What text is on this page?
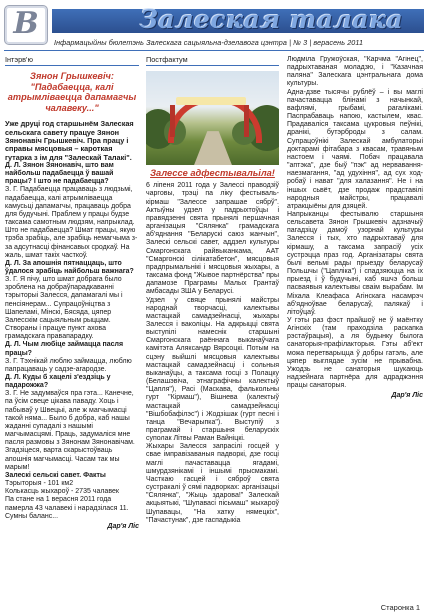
В	Залеская талака
Інфармацыйны бюлетэнь Залескага сацыяльна-дзелавога цэнтра | № 3 | верасень 2011
Інтэрв'ю
Зянон Грышкевіч: "Падабаецца, калі атрымліваецца дапамагчы чалавеку..."

Уже друці год старшынём Залеская сельскага савету працуе Зянон Зянонавіч Грышкевіч. Пра працу і справы мясцовыя – кароткая гутарка з ім для "Залескай Талакі".

Д. Л. Зянон Зянонавіч, што вам найбольш падабаецца ў вашай працы? І што не падабаецца?

З. Г. Падабаецца працаваць з людзьмі, падабаецца, калі атрымліваецца камусьці дапамагчы, працаваць добра для будучыні. Праблем у працы будзе таксама самотным людзям, напрыклад. Што не падабаецца? Шмат працы, якую трэба зрабіць, але зрабіць немагчыма з-за адсутнасці фінансавых сродкаў. На жаль, шмат такіх часткоў.

Д. Л. За апошнія пятнаццаць, што ўдалося зрабіць найбольш важнага?

З. Г. Я пічу, што шмат добрага было зроблена на добраўпарадкаванні тэрыторыі Залесся, дапамагалі мы і пенсіянерам... Супрацоўніцтва з Шапеламі, Мінскі, Бясяда, цяпер Залесскім сацыяльным рыццам. Створаны і працуе пункт ахова грамадскага правапарадку.

Д. Л. Чым любіце займацца пасля працы?

З. Г. Тэхнікай люблю займацца, люблю папрацаваць у садзе-агародзе.

Д. Л. Куды б хацелі з'ездзіць у падарожжа?

З. Г. Не задумваўся пра гэта... Канечне, па ўсім свеце цікава паваду. Хоць і пабываў у Швецыі, але ж магчымасці такой няма... Было б добра, каб нашы жаданні супадалі з нашымі магчымасцямі. Праць, задумаліся мне пасля размовы з Зянонам Зянонавічам. Згадзіцеся, варта скарыстоўваць апошнія магчымасці. Часам так мы марым!

Залескі сельскі савет. Факты

Тэрыторыя - 101 км2

Колькасць жыхароў - 2735 чалавек

Па стане на 1 верасня 2011 года памерла 43 чалавекі і нарадзілася 11.

Сумны баланс...

Дар'я Ліс
Постфактум
Залессе адфестывальіла!

6 ліпеня 2011 года у Залессі праводзіў чарговы, трэці па ліку фестываль-кірмаш "Залессе запрашае сябрў". Актыўны удзел у падрыхтоўцы і правядзенні свята прынялі першачная арганізацыя "Сялянка" грамадскага аб'яднання "Беларускі саюз жанчын", Залескі сельскі савет, аддзел культуры Смаргонскага райвыканкама, ААТ "Смаргонскі сілікатабетон", мясцовыя прадпрымальнікі і мясцовыя жыхары, а таксама фонд "Жывое партнёрства" пры дапамозе Праграмы Малых Грантаў амбасады ЗША у Беларусі.

Удзел у свяце прынялі майстры народнай творчасці, калектывы мастацкай самадзейнасці, жыхары Залесся і ваколіцы. На адкрыцці свята выступілі намеснік старшыні Смаргонскага раённага выканаўчага камітэта Аляксандр Вярсоцкі. Потым на сцэну выйшлі мясцовыя калектывы мастацкай самадзейнасці і сольныя выканаўцы, а таксама госці з Полацку (Белашэвіча, этнаграфічны калектыў "Цапля"), Расі (Маскава, фалькольны гурт "Кірмаш"), Вішнева (калектыў мастацкай самадзейнасці "Вішбобафілэс") і Жодзішак (гурт песні і танца "Вечарыпка"). Выступіў з праграмай і старшыня беларускіх суполак Літвы Раман Вайніцкі.

Жыхары Залесся запрасілі госцей у свае імправізаваныя падворкі, дзе госці маглі пачаставацца ягадамі, шмурдзянікамі і іншымі прысмакамі. Часткаю гасцей і сяброў свята сустракалі ў сямі падворках: арганізацыі "Сялянка", "Жыць здарова!" Залескай акцыятыкі, "Шупавасі пісьмаш" жыхароў Шупавацы, "На хатку нямецкіх", "Пачастунак", дзе гаспадыкіа

Людміла Гружоўская, "Карчма "Агінец", падрыхтаваная моладзю, і "Казачная паляна" Залескага цэнтральнага дома культуры.

Адна-дзве тысячы рублёў – і вы маглі пачаставацца блінамі з начынкай, вафлямі, грыбамі, рагалікамі. Паспрабаваць напою, кастылем, квас. Прадаваліся таксама цукровыя пеўнікі, дранікі, бутэрброды з салам. Супрацоўнікі Залескай амбулаторыі доктарамі фітабара з квасам, травяным настоем і чаямі. Побач працавала "аптэка", дзе быў "пэк" ад нервавання-наезмагання, "ад удухіння", ад сух ход-робаў і нават "для халазання". Не і на іншых сьвёт, дзе продаж прадставілі народныя майстры, працавалі атракцыёны для дзяцей.

Напрыканцы фестывалю старшыня сельсавета Зянон Грышкевіч адзначыў пагадзіцу дамоў узорнай культуры Залесся і тых, хто падрыхтаваў для кірмашу, а таксама запрасіў усіх сустрэцца праз год. Арганізатары свята былі вельмі рады прыезду беларусаў Польшчы ("Цапліка") і спадзяюцца на іх прыезд і ў будучыні, каб яшчэ больш пасваявыя калектывы сваім вырабам. Ім Міхала Клеафаса Агінскага насамрэч аб'ядноўвае беларусаў, палякаў і літоўцаў.

У гэты раз фэст прайшоў не ў маёнтку Агінскіх (там праходзіла раскапка рэстаўрацыя), а ля будынку былога санаторыя-прафілакторыя. Гэты аб'ект можа перетварыцца ў добры гатэль, але цяпер выглядае зусім не прывабна. Ужодзь не санаторыя шукаюць надзейнага партнёра для адраджэння працы санаторыя.

Дар'я Ліс
Старонка 1
